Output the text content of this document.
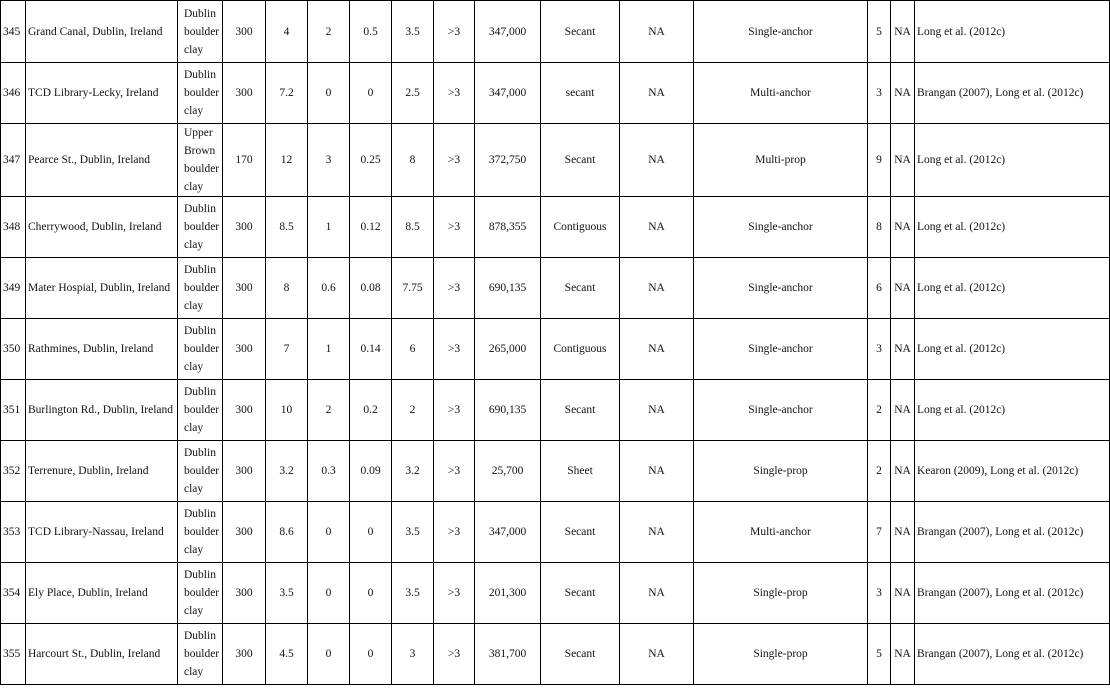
345	Grand Canal, Dublin, Ireland	Dublin boulder clay	300	4	2	0.5	3.5	>3	347,000	Secant	NA	Single-anchor	5	NA	Long et al. (2012c)
346	TCD Library-Lecky, Ireland	Dublin boulder clay	300	7.2	0	0	2.5	>3	347,000	secant	NA	Multi-anchor	3	NA	Brangan (2007), Long et al. (2012c)
347	Pearce St., Dublin, Ireland	Upper Brown boulder clay	170	12	3	0.25	8	>3	372,750	Secant	NA	Multi-prop	9	NA	Long et al. (2012c)
348	Cherrywood, Dublin, Ireland	Dublin boulder clay	300	8.5	1	0.12	8.5	>3	878,355	Contiguous	NA	Single-anchor	8	NA	Long et al. (2012c)
349	Mater Hospial, Dublin, Ireland	Dublin boulder clay	300	8	0.6	0.08	7.75	>3	690,135	Secant	NA	Single-anchor	6	NA	Long et al. (2012c)
350	Rathmines, Dublin, Ireland	Dublin boulder clay	300	7	1	0.14	6	>3	265,000	Contiguous	NA	Single-anchor	3	NA	Long et al. (2012c)
351	Burlington Rd., Dublin, Ireland	Dublin boulder clay	300	10	2	0.2	2	>3	690,135	Secant	NA	Single-anchor	2	NA	Long et al. (2012c)
352	Terrenure, Dublin, Ireland	Dublin boulder clay	300	3.2	0.3	0.09	3.2	>3	25,700	Sheet	NA	Single-prop	2	NA	Kearon (2009), Long et al. (2012c)
353	TCD Library-Nassau, Ireland	Dublin boulder clay	300	8.6	0	0	3.5	>3	347,000	Secant	NA	Multi-anchor	7	NA	Brangan (2007), Long et al. (2012c)
354	Ely Place, Dublin, Ireland	Dublin boulder clay	300	3.5	0	0	3.5	>3	201,300	Secant	NA	Single-prop	3	NA	Brangan (2007), Long et al. (2012c)
355	Harcourt St., Dublin, Ireland	Dublin boulder clay	300	4.5	0	0	3	>3	381,700	Secant	NA	Single-prop	5	NA	Brangan (2007), Long et al. (2012c)
